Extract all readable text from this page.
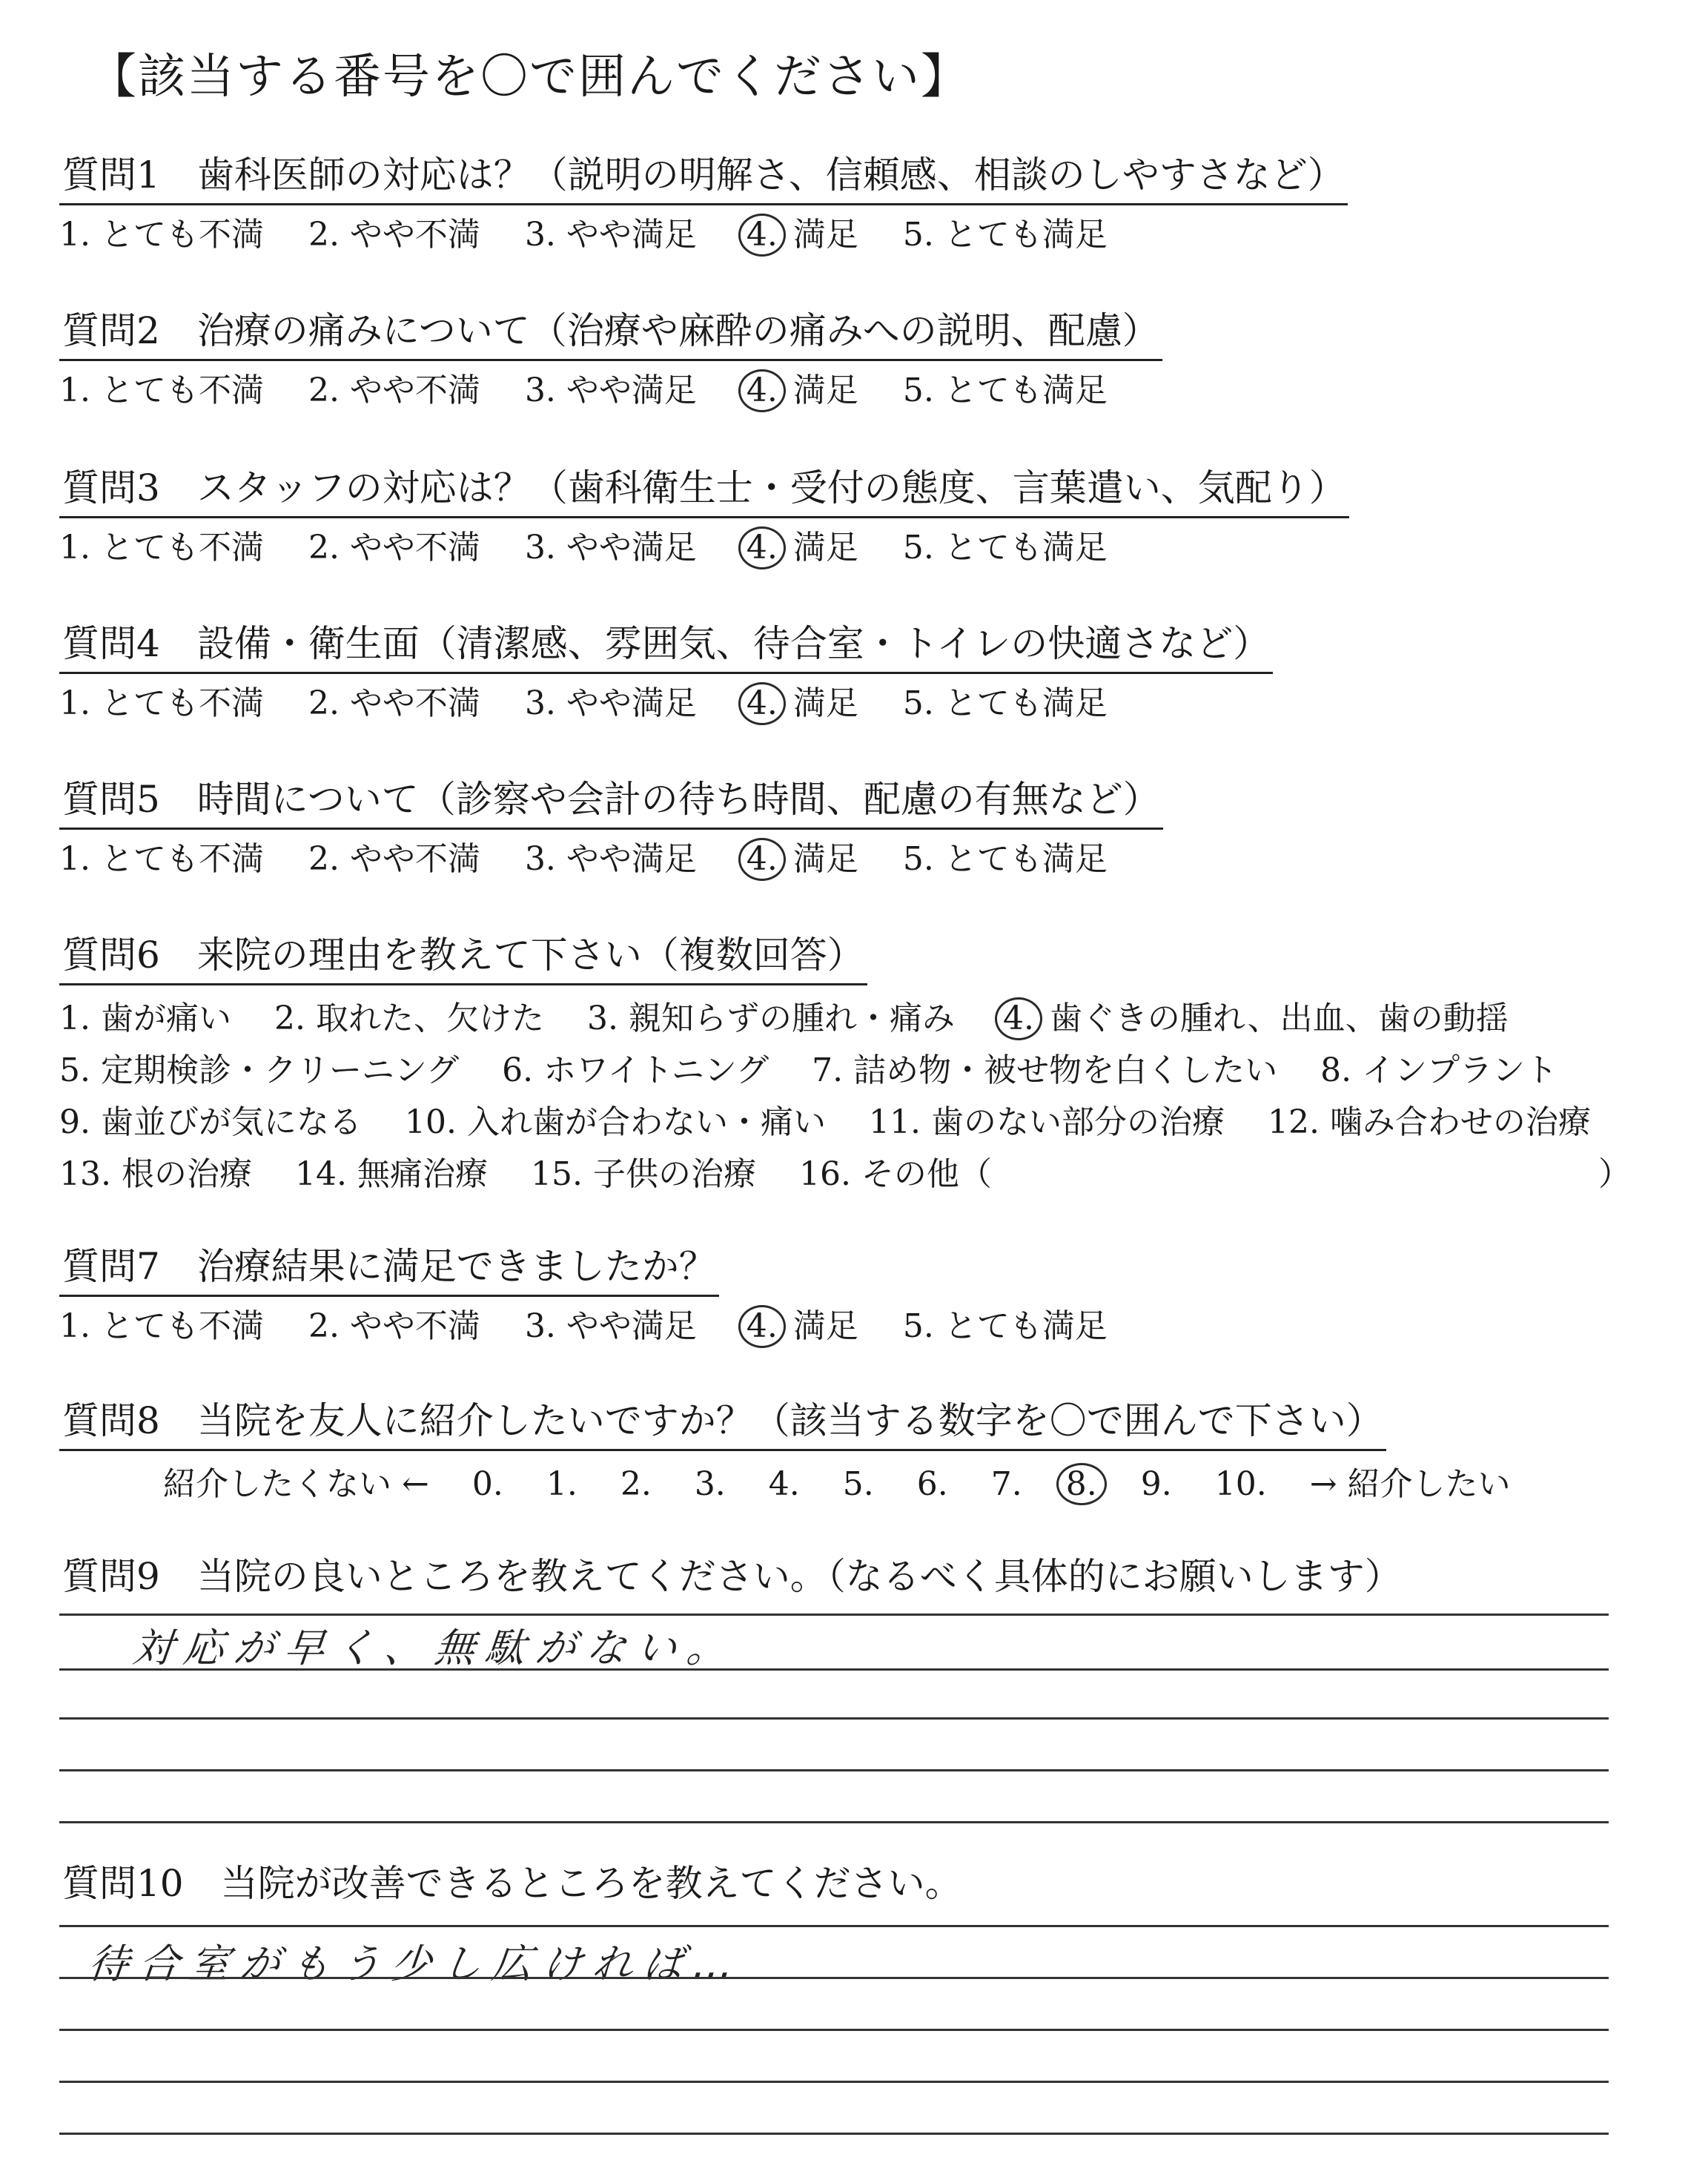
【該当する番号を〇で囲んでください】
質問1 歯科医師の対応は？（説明の明解さ、信頼感、相談のしやすさなど）
1. とても不満 2. やや不満 3. やや満足 4. 満足 5. とても満足
質問2 治療の痛みについて（治療や麻酔の痛みへの説明、配慮）
1. とても不満 2. やや不満 3. やや満足 4. 満足 5. とても満足
質問3 スタッフの対応は？（歯科衛生士・受付の態度、言葉遣い、気配り）
1. とても不満 2. やや不満 3. やや満足 4. 満足 5. とても満足
質問4 設備・衛生面（清潔感、雰囲気、待合室・トイレの快適さなど）
1. とても不満 2. やや不満 3. やや満足 4. 満足 5. とても満足
質問5 時間について（診察や会計の待ち時間、配慮の有無など）
1. とても不満 2. やや不満 3. やや満足 4. 満足 5. とても満足
質問6 来院の理由を教えて下さい（複数回答）
1. 歯が痛い 2. 取れた、欠けた 3. 親知らずの腫れ・痛み 4. 歯ぐきの腫れ、出血、歯の動揺
5. 定期検診・クリーニング 6. ホワイトニング 7. 詰め物・被せ物を白くしたい 8. インプラント
9. 歯並びが気になる 10. 入れ歯が合わない・痛い 11. 歯のない部分の治療 12. 噛み合わせの治療
13. 根の治療 14. 無痛治療 15. 子供の治療 16. その他（	）
質問7 治療結果に満足できましたか？
1. とても不満 2. やや不満 3. やや満足 4. 満足 5. とても満足
質問8 当院を友人に紹介したいですか？（該当する数字を〇で囲んで下さい）
紹介したくない ← 0. 1. 2. 3. 4. 5. 6. 7. 8. 9. 10. → 紹介したい
質問9 当院の良いところを教えてください。（なるべく具体的にお願いします）
対応が早く、無駄がない。
質問10 当院が改善できるところを教えてください。
待合室がもう少し広ければ…
